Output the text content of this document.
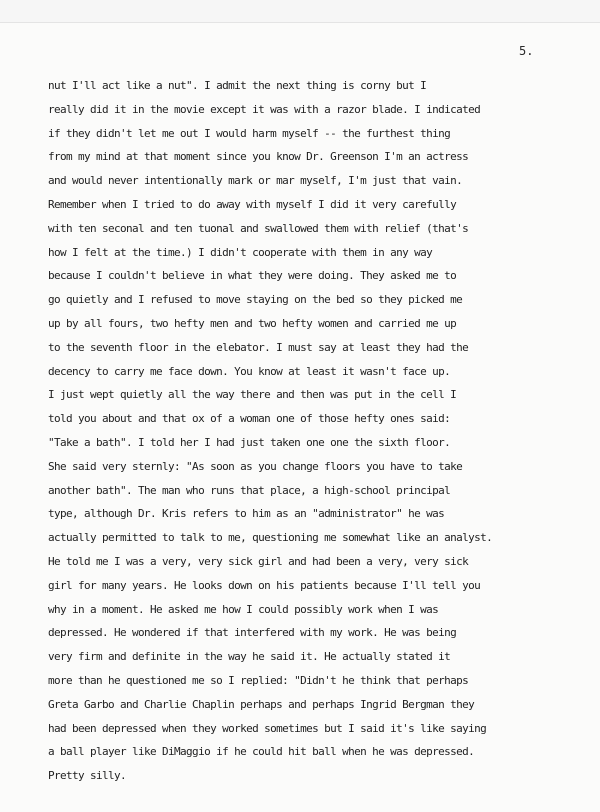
5.
nut I'll act like a nut". I admit the next thing is corny but I
really did it in the movie except it was with a razor blade. I indicated
if they didn't let me out I would harm myself -- the furthest thing
from my mind at that moment since you know Dr. Greenson I'm an actress
and would never intentionally mark or mar myself, I'm just that vain.
Remember when I tried to do away with myself I did it very carefully
with ten seconal and ten tuonal and swallowed them with relief (that's
how I felt at the time.) I didn't cooperate with them in any way
because I couldn't believe in what they were doing. They asked me to
go quietly and I refused to move staying on the bed so they picked me
up by all fours, two hefty men and two hefty women and carried me up
to the seventh floor in the elebator. I must say at least they had the
decency to carry me face down. You know at least it wasn't face up.
I just wept quietly all the way there and then was put in the cell I
told you about and that ox of a woman one of those hefty ones said:
"Take a bath". I told her I had just taken one one the sixth floor.
She said very sternly: "As soon as you change floors you have to take
another bath". The man who runs that place, a high-school principal
type, although Dr. Kris refers to him as an "administrator" he was
actually permitted to talk to me, questioning me somewhat like an analyst.
He told me I was a very, very sick girl and had been a very, very sick
girl for many years. He looks down on his patients because I'll tell you
why in a moment. He asked me how I could possibly work when I was
depressed. He wondered if that interfered with my work. He was being
very firm and definite in the way he said it. He actually stated it
more than he questioned me so I replied: "Didn't he think that perhaps
Greta Garbo and Charlie Chaplin perhaps and perhaps Ingrid Bergman they
had been depressed when they worked sometimes but I said it's like saying
a ball player like DiMaggio if he could hit ball when he was depressed.
Pretty silly.
